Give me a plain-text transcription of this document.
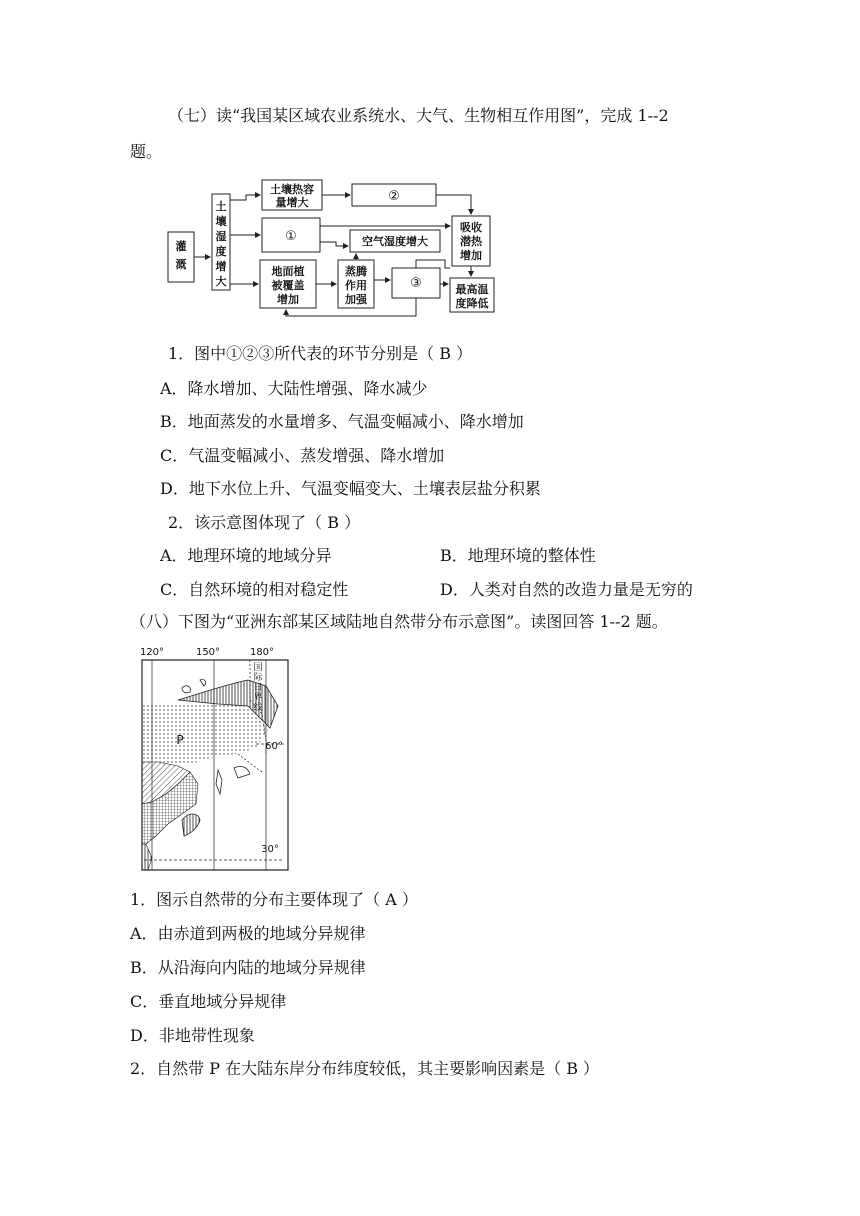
（七）读“我国某区域农业系统水、大气、生物相互作用图”，完成 1--2
题。
灌
溉
土
壤
湿
度
增
大
土壤热容
量增大	②
①	空气湿度增大
吸收
潜热
增加
地面植
被覆盖
增加
蒸腾
作用
加强
③	最高温
度降低
1．图中①②③所代表的环节分别是（ B ）
A．降水增加、大陆性增强、降水减少
B．地面蒸发的水量增多、气温变幅减小、降水增加
C．气温变幅减小、蒸发增强、降水增加
D．地下水位上升、气温变幅变大、土壤表层盐分积累
2．该示意图体现了（ B ）
A．地理环境的地域分异	B．地理环境的整体性
C．自然环境的相对稳定性	D．人类对自然的改造力量是无穷的
（八）下图为“亚洲东部某区域陆地自然带分布示意图”。读图回答 1--2 题。
120°	150°	180°
国
际
日
界
线
60°
30°
P
1．图示自然带的分布主要体现了（ A ）
A．由赤道到两极的地域分异规律
B．从沿海向内陆的地域分异规律
C．垂直地域分异规律
D．非地带性现象
2．自然带 P 在大陆东岸分布纬度较低，其主要影响因素是（ B ）
